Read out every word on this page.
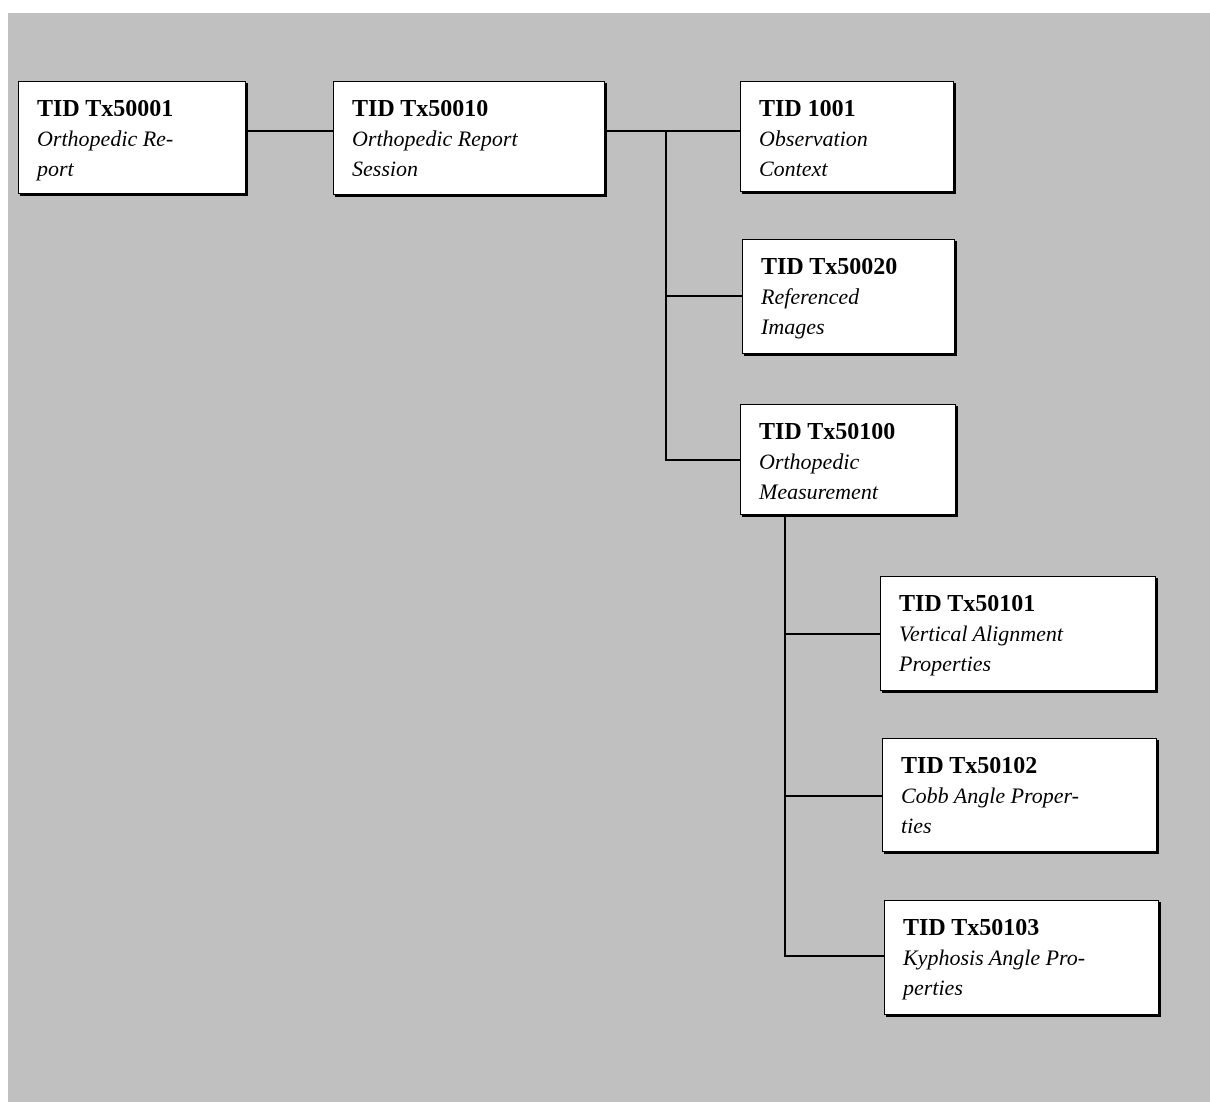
TID Tx50001
Orthopedic Re-
port
TID Tx50010
Orthopedic Report
Session
TID 1001
Observation
Context
TID Tx50020
Referenced
Images
TID Tx50100
Orthopedic
Measurement
TID Tx50101
Vertical Alignment
Properties
TID Tx50102
Cobb Angle Proper-
ties
TID Tx50103
Kyphosis Angle Pro-
perties
